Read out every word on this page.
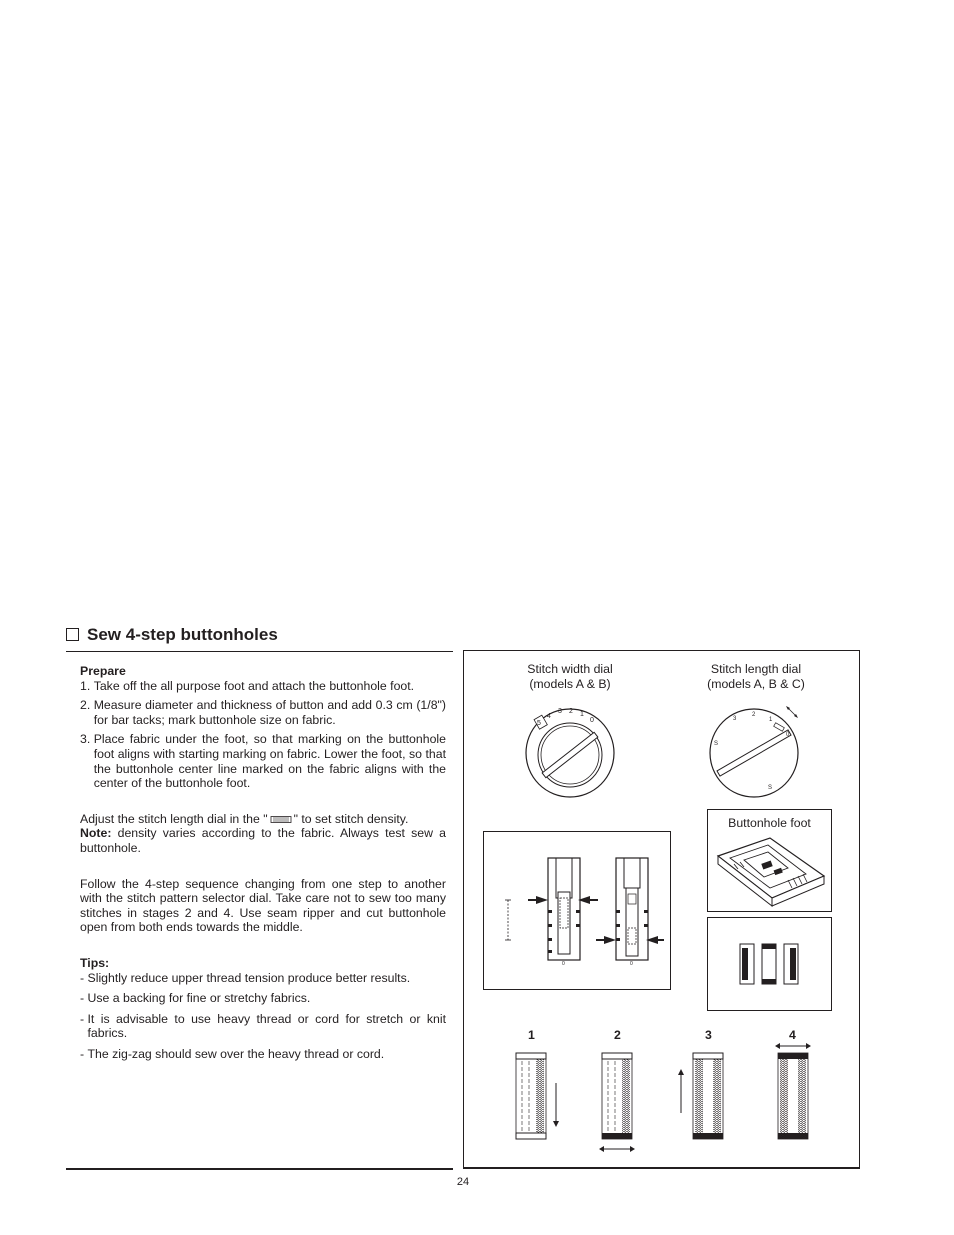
Sew 4-step buttonholes

Prepare

1.
Take off the all purpose foot and attach the buttonhole foot.
2.
Measure diameter and thickness of button and add 0.3 cm (1/8") for bar tacks; mark buttonhole size on fabric.
3.
Place fabric under the foot, so that marking on the buttonhole foot aligns with starting marking on fabric. Lower the foot, so that the buttonhole center line marked on the fabric aligns with the center of the buttonhole foot.

Adjust the stitch length dial in the " " to set stitch density.
Note: density varies according to the fabric. Always test sew a buttonhole.

Follow the 4-step sequence changing from one step to another with the stitch pattern selector dial. Take care not to sew too many stitches in stages 2 and 4. Use seam ripper and cut buttonhole open from both ends towards the middle.

Tips:

- Slightly reduce upper thread tension produce better results.
- Use a backing for fine or stretchy fabrics.
- It is advisable to use heavy thread or cord for stretch or knit fabrics.
- The zig-zag should sew over the heavy thread or cord.
Stitch width dial
(models A & B)
5
4
3 2 1
0
Stitch length dial
(models A, B & C)
3
2
1
0
S
S
Buttonhole foot
0	0
1	2	3	4
24
